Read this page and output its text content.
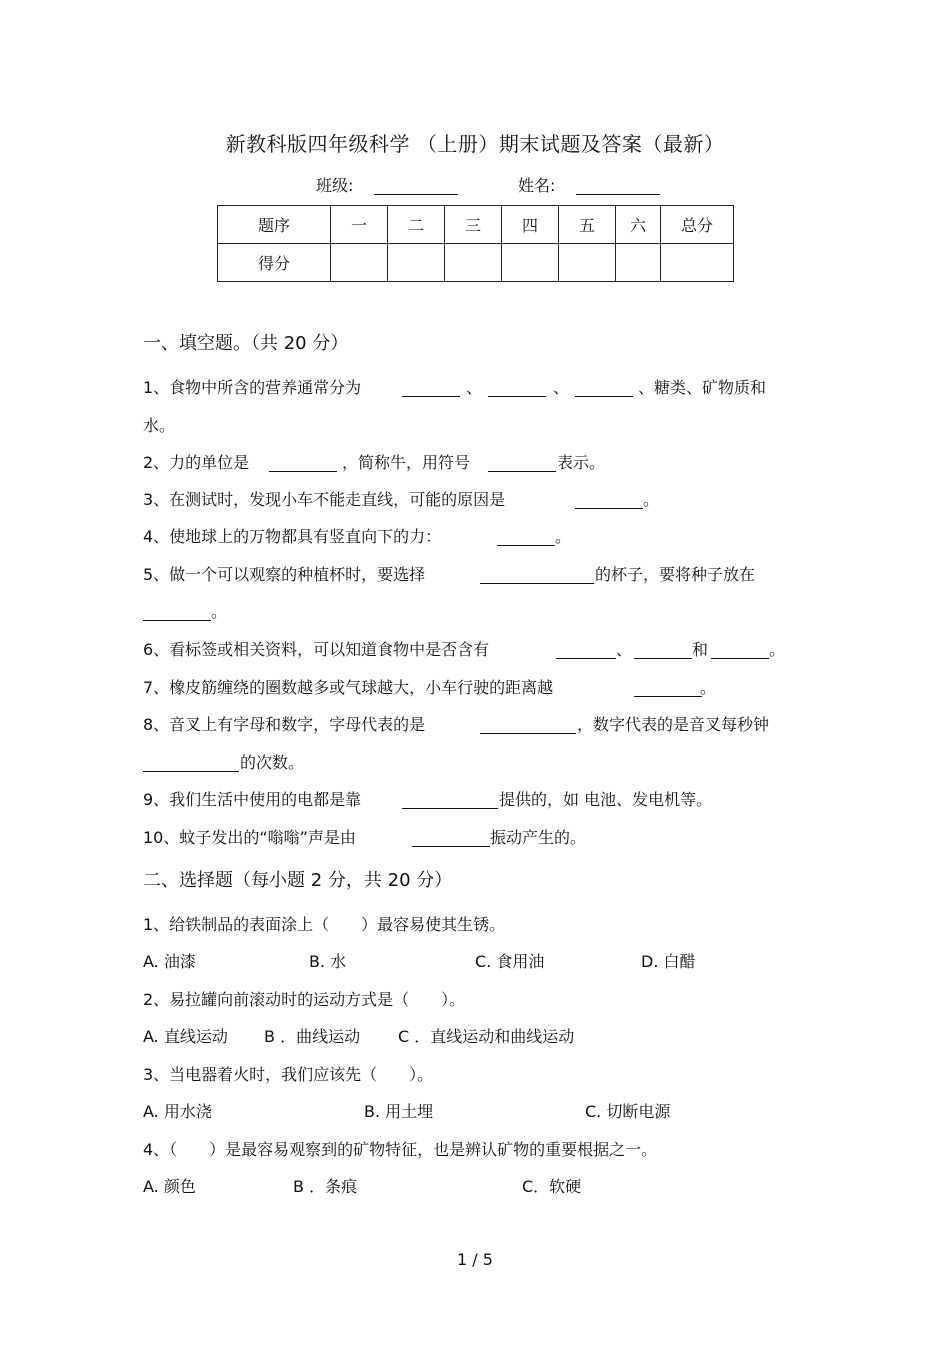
新教科版四年级科学 （上册）期末试题及答案（最新）
班级:	姓名:
题序	一	二	三	四	五	六	总分
得分							
一、填空题。（共 20 分）
1、食物中所含的营养通常分为	、	、	、糖类、矿物质和
水。
2、力的单位是	，简称牛，用符号	表示。
3、在测试时，发现小车不能走直线，可能的原因是	。
4、使地球上的万物都具有竖直向下的力：	。
5、做一个可以观察的种植杯时，要选择	的杯子，要将种子放在
。
6、看标签或相关资料，可以知道食物中是否含有	、	和	。
7、橡皮筋缠绕的圈数越多或气球越大，小车行驶的距离越	。
8、音叉上有字母和数字，字母代表的是	，数字代表的是音叉每秒钟
的次数。
9、我们生活中使用的电都是靠	提供的，如 电池、发电机等。
10、蚊子发出的“嗡嗡”声是由	振动产生的。
二、选择题（每小题 2 分，共 20 分）
1、给铁制品的表面涂上（　　）最容易使其生锈。
A. 油漆	B. 水	C. 食用油	D. 白醋
2、易拉罐向前滚动时的运动方式是（　　）。
A. 直线运动 B ．曲线运动 C ．直线运动和曲线运动
3、当电器着火时，我们应该先（　　）。
A. 用水浇	B. 用土埋	C. 切断电源
4、（　　）是最容易观察到的矿物特征，也是辨认矿物的重要根据之一。
A. 颜色	B ．条痕	C．软硬
1 / 5
